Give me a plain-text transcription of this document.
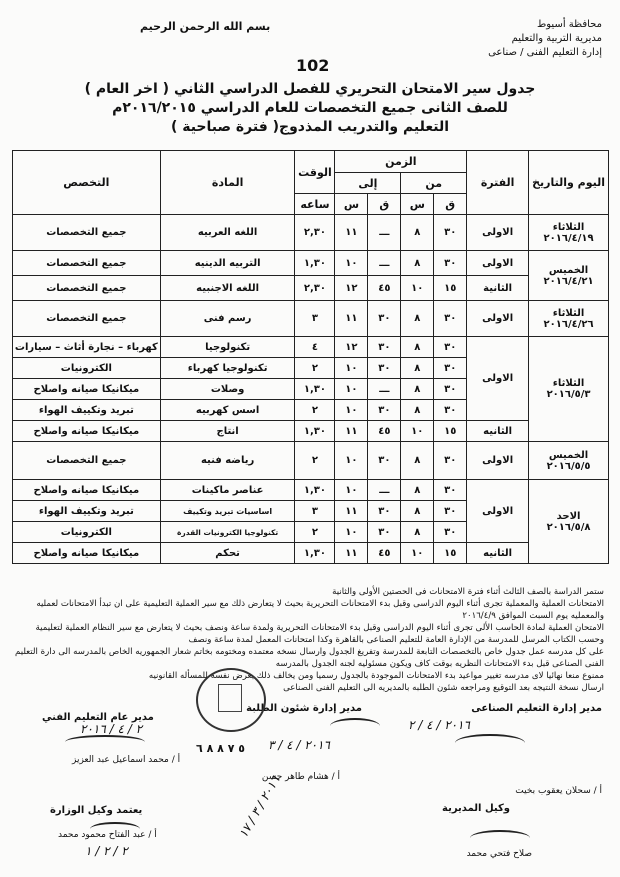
محافظة أسيوط
مديرية التربية والتعليم
إدارة التعليم الفنى / صناعى
بسم الله الرحمن الرحيم
102
جدول سير الامتحان التحريري للفصل الدراسي الثاني ( اخر العام )
للصف الثانى جميع التخصصات للعام الدراسي ٢٠١٦/٢٠١٥م
التعليم والتدريب المذدوج( فترة صباحية )
اليوم والتاريخ	الفترة	الزمن				الوقت	المادة	التخصص
		من		إلى				
		ق	س	ق	س	ساعه		

الثلاثاء
٢٠١٦/٤/١٩	الاولى	٣٠	٨	ـــ	١١	٢,٣٠	اللغه العربيه	جميع التخصصات

الخميس
٢٠١٦/٤/٢١	الاولى	٣٠	٨	ـــ	١٠	١,٣٠	التربيه الدينيه	جميع التخصصات
	الثانية	١٥	١٠	٤٥	١٢	٢,٣٠	اللغه الاجنبيه	جميع التخصصات

الثلاثاء
٢٠١٦/٤/٢٦	الاولى	٣٠	٨	٣٠	١١	٣	رسم فنى	جميع التخصصات

الثلاثاء
٢٠١٦/٥/٣	الاولى	٣٠	٨	٣٠	١٢	٤	تكنولوجيا	كهرباء – نجارة أثاث – سيارات
		٣٠	٨	٣٠	١٠	٢	تكنولوجيا كهرباء	الكترونيات
		٣٠	٨	ـــ	١٠	١,٣٠	وصلات	ميكانيكا صيانه واصلاح
		٣٠	٨	٣٠	١٠	٢	اسس كهربيه	تبريد وتكييف الهواء
	الثانيه	١٥	١٠	٤٥	١١	١,٣٠	انتاج	ميكانيكا صيانه واصلاح

الخميس
٢٠١٦/٥/٥	الاولى	٣٠	٨	٣٠	١٠	٢	رياضه فنيه	جميع التخصصات

الاحد
٢٠١٦/٥/٨	الاولى	٣٠	٨	ـــ	١٠	١,٣٠	عناصر ماكينات	ميكانيكا صيانه واصلاح
		٣٠	٨	٣٠	١١	٣	اساسيات تبريد وتكييف	تبريد وتكييف الهواء
		٣٠	٨	٣٠	١٠	٢	تكنولوجيا الكترونيات القدرة	الكترونيات
	الثانيه	١٥	١٠	٤٥	١١	١,٣٠	تحكم	ميكانيكا صيانه واصلاح
ستمر الدراسة بالصف الثالث أثناء فترة الامتحانات فى الحصتين الأولى والثانية
الامتحانات العملية والمعملية تجرى أثناء اليوم الدراسى وقبل بدء الامتحانات التحريرية بحيث لا يتعارض ذلك مع سير العملية التعليمية على ان تبدأ الامتحانات لعمليه والمعمليه يوم السبت الموافق ٢٠١٦/٤/٩
الامتحان العملية لمادة الحاسب الألى تجرى أثناء اليوم الدراسى وقبل بدء الامتحانات التحريرية ولمدة ساعة ونصف بحيث لا يتعارض مع سير النظام العملية لتعليمية وحسب الكتاب المرسل للمدرسة من الإدارة العامة للتعليم الصناعى بالقاهرة وكذا امتحانات المعمل لمدة ساعة ونصف
على كل مدرسه عمل جدول خاص بالتخصصات التابعة للمدرسة وتفريغ الجدول وارسال نسخه معتمده ومختومه بخاتم شعار الجمهوريه الخاص بالمدرسه الى دارة التعليم الفنى الصناعى قبل بدء الامتحانات النظريه بوقت كاف ويكون مسئوليه لجنه الجدول بالمدرسه
ممنوع منعا نهائيا لاى مدرسه تغيير مواعيد بدء الامتحانات الموجودة بالجدول رسميا ومن يخالف ذلك يعرض نفسه للمسأله القانونيه
ارسال نسخة النتيجه بعد التوقيع ومراجعه شئون الطلبه بالمديريه الى التعليم الفنى الصناعى
مدير إدارة التعليم الصناعى
أ / سحلان يعقوب بخيت
مدير إدارة شئون الطلبة
أ / هشام طاهر حسن
مدير عام التعليم الفني
أ / محمد اسماعيل عبد العزيز
وكيل المديرية
صلاح فتحي محمد
يعتمد وكيل الوزارة
أ / عبد الفتاح محمود محمد
٢٠١٦ / ٤ / ٢
٢٠١٦ / ٤ / ٣
٢ / ٤ / ٢٠١٦
٢ / ٢ / ١
٢٠١٦ / ٣ / ١٧
٥ ٧ ٨ ٨ ٦
